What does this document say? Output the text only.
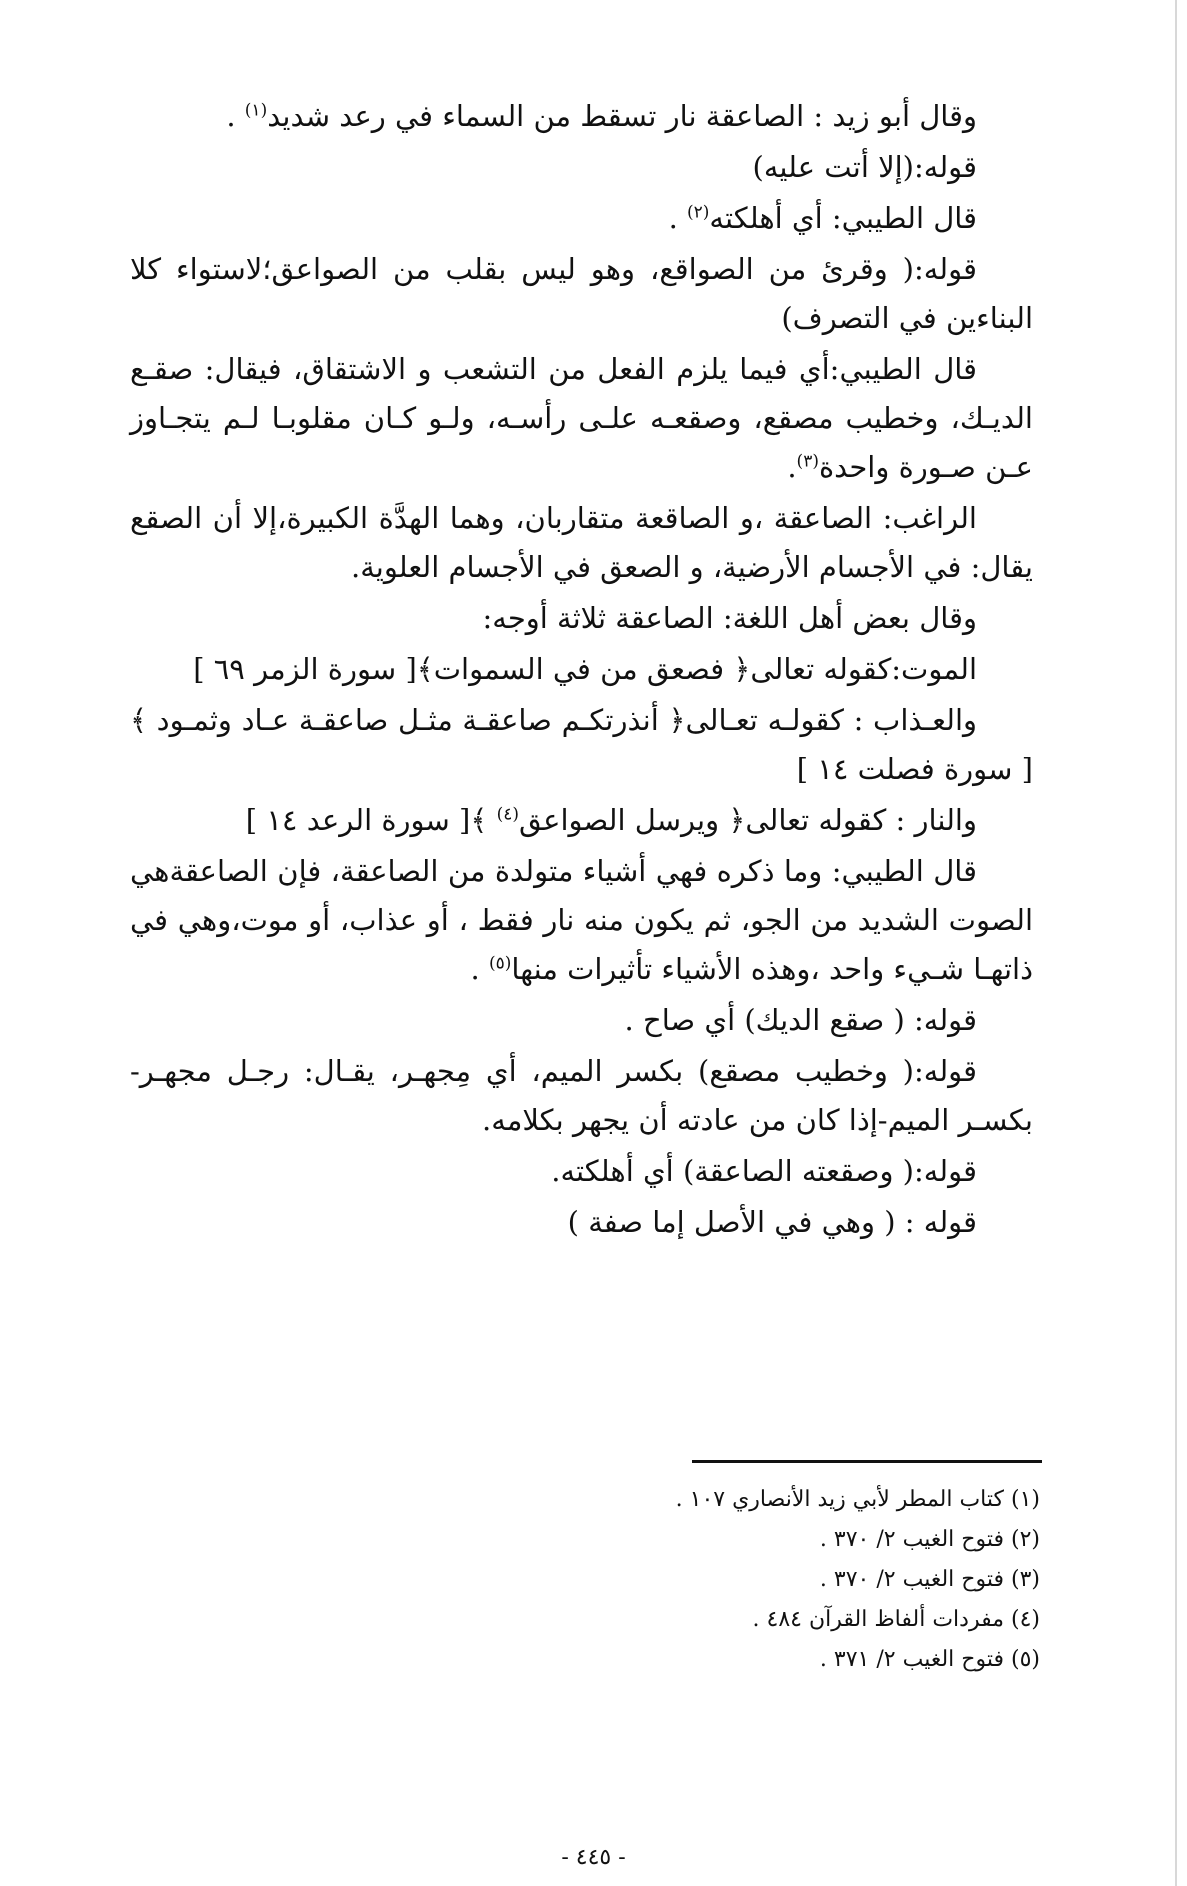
وقال أبو زيد : الصاعقة نار تسقط من السماء في رعد شديد$^{(١)}$ .

قوله:(إلا أتت عليه)

قال الطيبي: أي أهلكته$^{(٢)}$ .

قوله:( وقرئ من الصواقع، وهو ليس بقلب من الصواعق؛لاستواء كلا البناءين في التصرف)

قال الطيبي:أي فيما يلزم الفعل من التشعب و الاشتقاق، فيقال: صقـع الديـك، وخطيب مصقع، وصقعـه علـى رأسـه، ولـو كـان مقلوبـا لـم يتجـاوز عـن صـورة واحدة$^{(٣)}$.

الراغب: الصاعقة ،و الصاقعة متقاربان، وهما الهدَّة الكبيرة،إلا أن الصقع يقال: في الأجسام الأرضية، و الصعق في الأجسام العلوية.

وقال بعض أهل اللغة: الصاعقة ثلاثة أوجه:

الموت:كقوله تعالى﴿ فصعق من في السموات﴾[ سورة الزمر ٦٩ ]

والعـذاب : كقولـه تعـالى﴿ أنذرتكـم صاعقـة مثـل صاعقـة عـاد وثمـود ﴾ [ سورة فصلت ١٤ ]

والنار : كقوله تعالى﴿ ويرسل الصواعق$^{(٤)}$ ﴾[ سورة الرعد ١٤ ]

قال الطيبي: وما ذكره فهي أشياء متولدة من الصاعقة، فإن الصاعقةهي الصوت الشديد من الجو، ثم يكون منه نار فقط ، أو عذاب، أو موت،وهي في ذاتهـا شـيء واحد ،وهذه الأشياء تأثيرات منها$^{(٥)}$ .

قوله: ( صقع الديك) أي صاح .

قوله:( وخطيب مصقع) بكسر الميم، أي مِجهـر، يقـال: رجـل مجهـر-بكسـر الميم-إذا كان من عادته أن يجهر بكلامه.

قوله:( وصقعته الصاعقة) أي أهلكته.

قوله : ( وهي في الأصل إما صفة )

(١) كتاب المطر لأبي زيد الأنصاري ١٠٧ .
(٢) فتوح الغيب ٢/ ٣٧٠ .
(٣) فتوح الغيب ٢/ ٣٧٠ .
(٤) مفردات ألفاظ القرآن ٤٨٤ .
(٥) فتوح الغيب ٢/ ٣٧١ .
- ٤٤٥ -
